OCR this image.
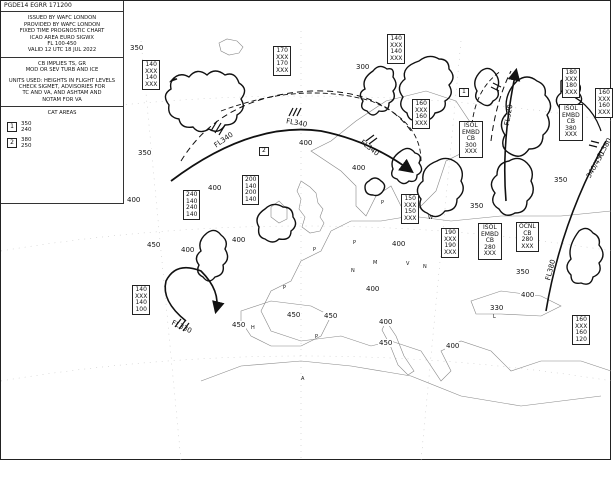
PGDE14 EGRR 171200
ISSUED BY WAFC LONDON
PROVIDED BY WAFC LONDON
FIXED TIME PROGNOSTIC CHART
ICAO AREA EURO SIGWX
FL 100-450
VALID 12 UTC 18 JUL 2022
CB IMPLIES TS, GR
MOD OR SEV TURB AND ICE
UNITS USED: HEIGHTS IN FLIGHT LEVELS
CHECK SIGMET, ADVISORIES FOR
TC AND VA, AND ASHTAM AND
NOTAM FOR VA
CAT AREAS
1	350
240
2	380
250
350
300
350
400
400
400
400
450
400
400
350
350
400
450
450	450
400
400
450
350
400
400
330
140
XXX
140
XXX
170
XXX
170
XXX
140
XXX
140
XXX
160
XXX
160
XXX
180
XXX
180
XXX	160
XXX
160
XXX
240
140
240
140
200
140
200
140	150
XXX
150
XXX
190
XXX
190
XXX
140
XXX
140
100
160
XXX
160
120
ISOL
EMBD
CB
300
XXX
ISOL
EMBD
CB
380
XXX
ISOL
EMBD
CB
280
XXX
OCNL
CB
280
XXX
FL340
FL340
FL340
FL320
FL380
FL380
340/450
FL330
2
1
P
P
P
P
P
M	V	N
N
L
W
H
A
